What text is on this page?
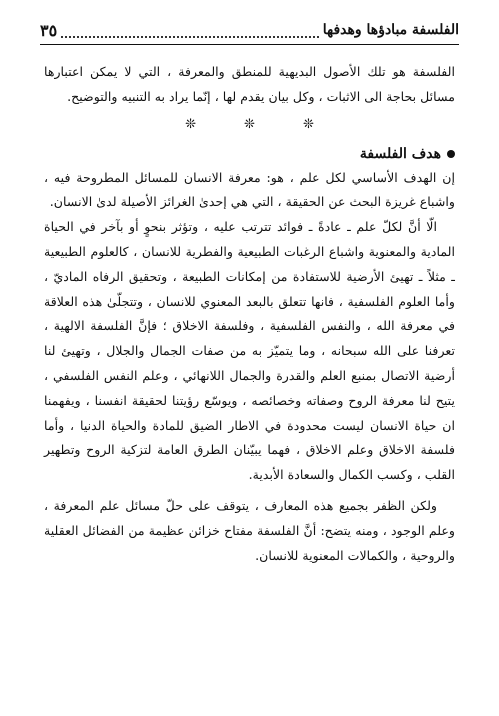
الفلسفة مبادؤها وهدفها
٣٥

الفلسفة هو تلك الأصول البديهية للمنطق والمعرفة ، التي لا يمكن اعتبارها مسائل بحاجة الى الاثبات ، وكل بيان يقدم لها ، إنّما يراد به التنبيه والتوضيح.

❊
❊
❊
هدف الفلسفة

إن الهدف الأساسي لكل علم ، هو: معرفة الانسان للمسائل المطروحة فيه ، واشباع غريزة البحث عن الحقيقة ، التي هي إحدىٰ الغرائز الأصيلة لدىٰ الانسان.

الّا أنَّ لكلّ علم ـ عادةً ـ فوائد تترتب عليه ، وتؤثر بنحوٍ أو بآخر في الحياة المادية والمعنوية واشباع الرغبات الطبيعية والفطرية للانسان ، كالعلوم الطبيعية ـ مثلاً ـ تهيئ الأرضية للاستفادة من إمكانات الطبيعة ، وتحقيق الرفاه الماديّ ، وأما العلوم الفلسفية ، فانها تتعلق بالبعد المعنوي للانسان ، وتتجلّىٰ هذه العلاقة في معرفة الله ، والنفس الفلسفية ، وفلسفة الاخلاق ؛ فإنَّ الفلسفة الالهية ، تعرفنا على الله سبحانه ، وما يتميّز به من صفات الجمال والجلال ، وتهيئ لنا أرضية الاتصال بمنبع العلم والقدرة والجمال اللانهائي ، وعلم النفس الفلسفي ، يتيح لنا معرفة الروح وصفاته وخصائصه ، ويوسّع رؤيتنا لحقيقة انفسنا ، ويفهمنا ان حياة الانسان ليست محدودة في الاطار الضيق للمادة والحياة الدنيا ، وأما فلسفة الاخلاق وعلم الاخلاق ، فهما يبيّنان الطرق العامة لتزكية الروح وتطهير القلب ، وكسب الكمال والسعادة الأبدية.

ولكن الظفر بجميع هذه المعارف ، يتوقف على حلّ مسائل علم المعرفة ، وعلم الوجود ، ومنه يتضح: أنَّ الفلسفة مفتاح خزائن عظيمة من الفضائل العقلية والروحية ، والكمالات المعنوية للانسان.
